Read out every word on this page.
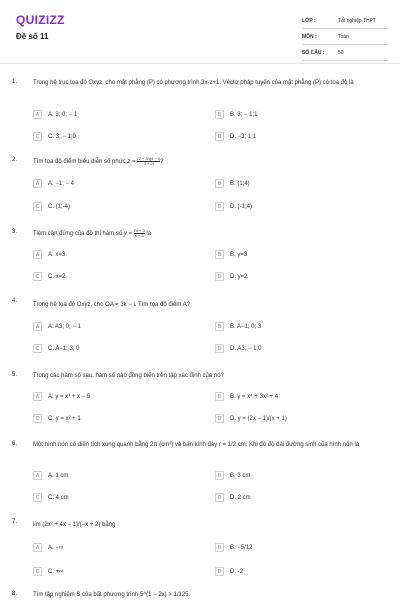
QUIZIZZ
Đề số 11
LỚP :	Tốt nghiệp THPT
MÔN :	Toán
SỐ CÂU :	50
1.	Trong hệ trục tọa độ Oxyz, cho mặt phẳng (P) có phương trình 3x-z+1. Véctơ pháp tuyến của mặt phẳng (P) có tọa độ là
A	A. 3; 0; − 1	B	B. 3; − 1;1
C	C. 3; − 1;0	D	D. −3; 1;1
2.	Tìm tọa độ điểm biểu diễn số phức $z = \frac{(2 - 3i)(4 - i)}{3 + 2i}$ ?
A	A. −1; − 4	B	B. (1;4)
C	C. (1;-4)	D	D. (-1;4)
3.	Tiệm cận đứng của đồ thị hàm số $y = \frac{2x - 3}{x - 3}$ là
A	A. x=3	B	B. y=3
C	C. x=2	D	D. y=2
4.
Trong hệ tọa độ Oxyz, cho OA = 3k − i. Tìm tọa độ điểm A?
A	A. A3; 0; − 1	B	B. A−1; 0; 3
C	C. A−1; 3; 0	D	D. A3; − 1;0
5.	Trong các hàm số sau, hàm số nào đồng biến trên tập xác định của nó?
A	A. y = x³ + x − 5	B	B. y = x⁴ + 3x² + 4
C	C. y = x² + 1	D	D. y = (2x − 1)/(x + 1)
6.	Một hình nón có diện tích xung quanh bằng 2π (cm²) và bán kính đáy r = 1/2 cm. Khi đó độ dài đường sinh của hình nón là
A	A. 1 cm	B	B. 3 cm
C	C. 4 cm	D	D. 2 cm
7.	lim (2x² + 4x − 1)/(−x + 2) bằng
A	A. −∞	B	B. −5/12
C	C. +∞	D	D. -2
8.	Tìm tập nghiệm S của bất phương trình 5^(1 − 2x) > 1/125.
